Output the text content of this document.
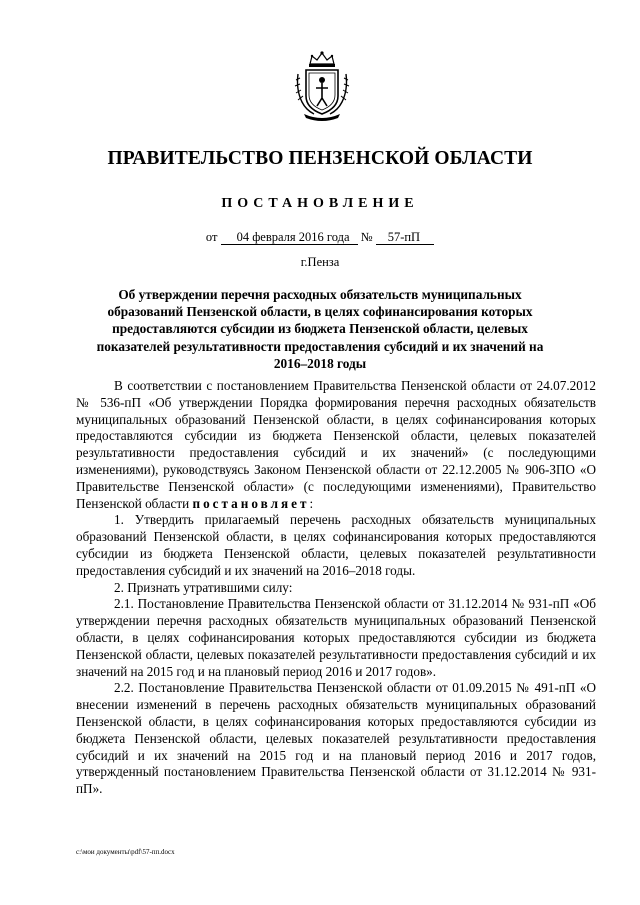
ПРАВИТЕЛЬСТВО ПЕНЗЕНСКОЙ ОБЛАСТИ
ПОСТАНОВЛЕНИЕ
от 04 февраля 2016 года № 57-пП
г.Пенза
Об утверждении перечня расходных обязательств муниципальных образований Пензенской области, в целях софинансирования которых предоставляются субсидии из бюджета Пензенской области, целевых показателей результативности предоставления субсидий и их значений на 2016–2018 годы

В соответствии с постановлением Правительства Пензенской области от 24.07.2012 № 536-пП «Об утверждении Порядка формирования перечня расходных обязательств муниципальных образований Пензенской области, в целях софинансирования которых предоставляются субсидии из бюджета Пензенской области, целевых показателей результативности предоставления субсидий и их значений» (с последующими изменениями), руководствуясь Законом Пензенской области от 22.12.2005 № 906-ЗПО «О Правительстве Пензенской области» (с последующими изменениями), Правительство Пензенской области постановляет:

1. Утвердить прилагаемый перечень расходных обязательств муниципальных образований Пензенской области, в целях софинансирования которых предоставляются субсидии из бюджета Пензенской области, целевых показателей результативности предоставления субсидий и их значений на 2016–2018 годы.

2. Признать утратившими силу:

2.1. Постановление Правительства Пензенской области от 31.12.2014 № 931-пП «Об утверждении перечня расходных обязательств муниципальных образований Пензенской области, в целях софинансирования которых предоставляются субсидии из бюджета Пензенской области, целевых показателей результативности предоставления субсидий и их значений на 2015 год и на плановый период 2016 и 2017 годов».

2.2. Постановление Правительства Пензенской области от 01.09.2015 № 491-пП «О внесении изменений в перечень расходных обязательств муниципальных образований Пензенской области, в целях софинансирования которых предоставляются субсидии из бюджета Пензенской области, целевых показателей результативности предоставления субсидий и их значений на 2015 год и на плановый период 2016 и 2017 годов, утвержденный постановлением Правительства Пензенской области от 31.12.2014 № 931-пП».

c:\мои документы\pdf\57-пп.docx
